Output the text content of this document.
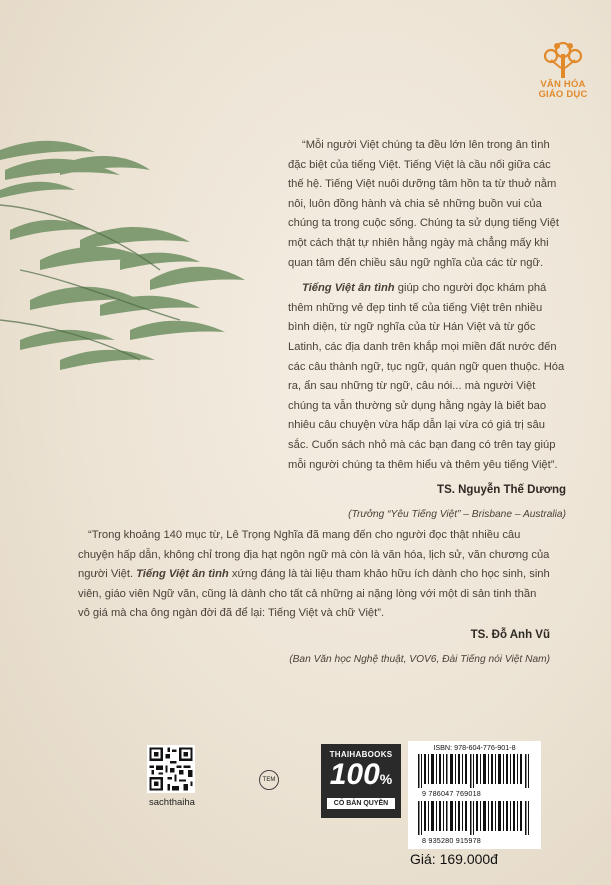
VĂN HÓA
GIÁO DỤC

“Mỗi người Việt chúng ta đều lớn lên trong ân tình đặc biệt của tiếng Việt. Tiếng Việt là cầu nối giữa các thế hệ. Tiếng Việt nuôi dưỡng tâm hồn ta từ thuở nằm nôi, luôn đồng hành và chia sẻ những buồn vui của chúng ta trong cuộc sống. Chúng ta sử dụng tiếng Việt một cách thật tự nhiên hằng ngày mà chẳng mấy khi quan tâm đến chiều sâu ngữ nghĩa của các từ ngữ.

Tiếng Việt ân tình giúp cho người đọc khám phá thêm những vẻ đẹp tinh tế của tiếng Việt trên nhiều bình diện, từ ngữ nghĩa của từ Hán Việt và từ gốc Latinh, các địa danh trên khắp mọi miền đất nước đến các câu thành ngữ, tục ngữ, quán ngữ quen thuộc. Hóa ra, ẩn sau những từ ngữ, câu nói... mà người Việt chúng ta vẫn thường sử dụng hằng ngày là biết bao nhiêu câu chuyện vừa hấp dẫn lại vừa có giá trị sâu sắc. Cuốn sách nhỏ mà các bạn đang có trên tay giúp mỗi người chúng ta thêm hiểu và thêm yêu tiếng Việt”.

TS. Nguyễn Thế Dương
(Trưởng “Yêu Tiếng Việt” – Brisbane – Australia)
“Trong khoảng 140 mục từ, Lê Trọng Nghĩa đã mang đến cho người đọc thật nhiều câu chuyện hấp dẫn, không chỉ trong địa hạt ngôn ngữ mà còn là văn hóa, lịch sử, văn chương của người Việt. Tiếng Việt ân tình xứng đáng là tài liệu tham khảo hữu ích dành cho học sinh, sinh viên, giáo viên Ngữ văn, cũng là dành cho tất cả những ai nặng lòng với một di sản tinh thần vô giá mà cha ông ngàn đời đã để lại: Tiếng Việt và chữ Việt”.
TS. Đỗ Anh Vũ
(Ban Văn học Nghệ thuật, VOV6, Đài Tiếng nói Việt Nam)
sachthaiha
TEM
THAIHABOOKS
100%
CÓ BẢN QUYỀN
ISBN: 978-604-776-901-8
9 786047 769018
8 935280 915978
Giá: 169.000đ
